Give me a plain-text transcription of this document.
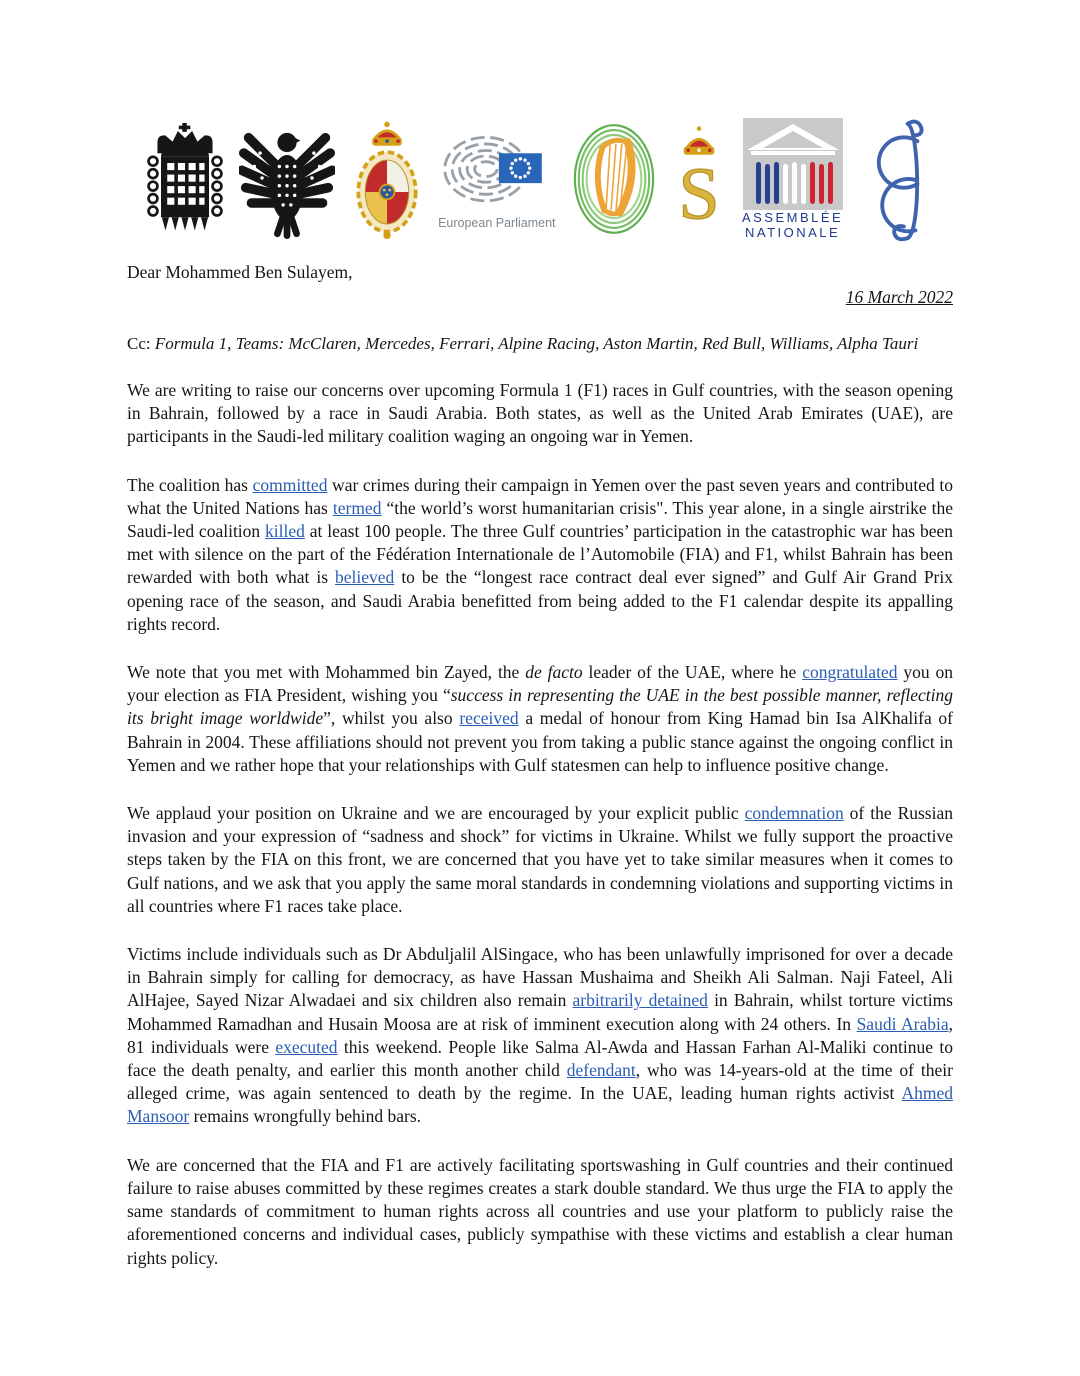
European Parliament S ASSEMBLÉE
NATIONALE
Dear Mohammed Ben Sulayem,
16 March 2022

Cc: Formula 1, Teams: McClaren, Mercedes, Ferrari, Alpine Racing, Aston Martin, Red Bull, Williams, Alpha Tauri

We are writing to raise our concerns over upcoming Formula 1 (F1) races in Gulf countries, with the season opening in Bahrain, followed by a race in Saudi Arabia. Both states, as well as the United Arab Emirates (UAE), are participants in the Saudi-led military coalition waging an ongoing war in Yemen.

The coalition has committed war crimes during their campaign in Yemen over the past seven years and contributed to what the United Nations has termed “the world’s worst humanitarian crisis". This year alone, in a single airstrike the Saudi-led coalition killed at least 100 people. The three Gulf countries’ participation in the catastrophic war has been met with silence on the part of the Fédération Internationale de l’Automobile (FIA) and F1, whilst Bahrain has been rewarded with both what is believed to be the “longest race contract deal ever signed” and Gulf Air Grand Prix opening race of the season, and Saudi Arabia benefitted from being added to the F1 calendar despite its appalling rights record.

We note that you met with Mohammed bin Zayed, the de facto leader of the UAE, where he congratulated you on your election as FIA President, wishing you “success in representing the UAE in the best possible manner, reflecting its bright image worldwide”, whilst you also received a medal of honour from King Hamad bin Isa AlKhalifa of Bahrain in 2004. These affiliations should not prevent you from taking a public stance against the ongoing conflict in Yemen and we rather hope that your relationships with Gulf statesmen can help to influence positive change.

We applaud your position on Ukraine and we are encouraged by your explicit public condemnation of the Russian invasion and your expression of “sadness and shock” for victims in Ukraine. Whilst we fully support the proactive steps taken by the FIA on this front, we are concerned that you have yet to take similar measures when it comes to Gulf nations, and we ask that you apply the same moral standards in condemning violations and supporting victims in all countries where F1 races take place.

Victims include individuals such as Dr Abduljalil AlSingace, who has been unlawfully imprisoned for over a decade in Bahrain simply for calling for democracy, as have Hassan Mushaima and Sheikh Ali Salman. Naji Fateel, Ali AlHajee, Sayed Nizar Alwadaei and six children also remain arbitrarily detained in Bahrain, whilst torture victims Mohammed Ramadhan and Husain Moosa are at risk of imminent execution along with 24 others. In Saudi Arabia, 81 individuals were executed this weekend. People like Salma Al-Awda and Hassan Farhan Al-Maliki continue to face the death penalty, and earlier this month another child defendant, who was 14-years-old at the time of their alleged crime, was again sentenced to death by the regime. In the UAE, leading human rights activist Ahmed Mansoor remains wrongfully behind bars.

We are concerned that the FIA and F1 are actively facilitating sportswashing in Gulf countries and their continued failure to raise abuses committed by these regimes creates a stark double standard. We thus urge the FIA to apply the same standards of commitment to human rights across all countries and use your platform to publicly raise the aforementioned concerns and individual cases, publicly sympathise with these victims and establish a clear human rights policy.
